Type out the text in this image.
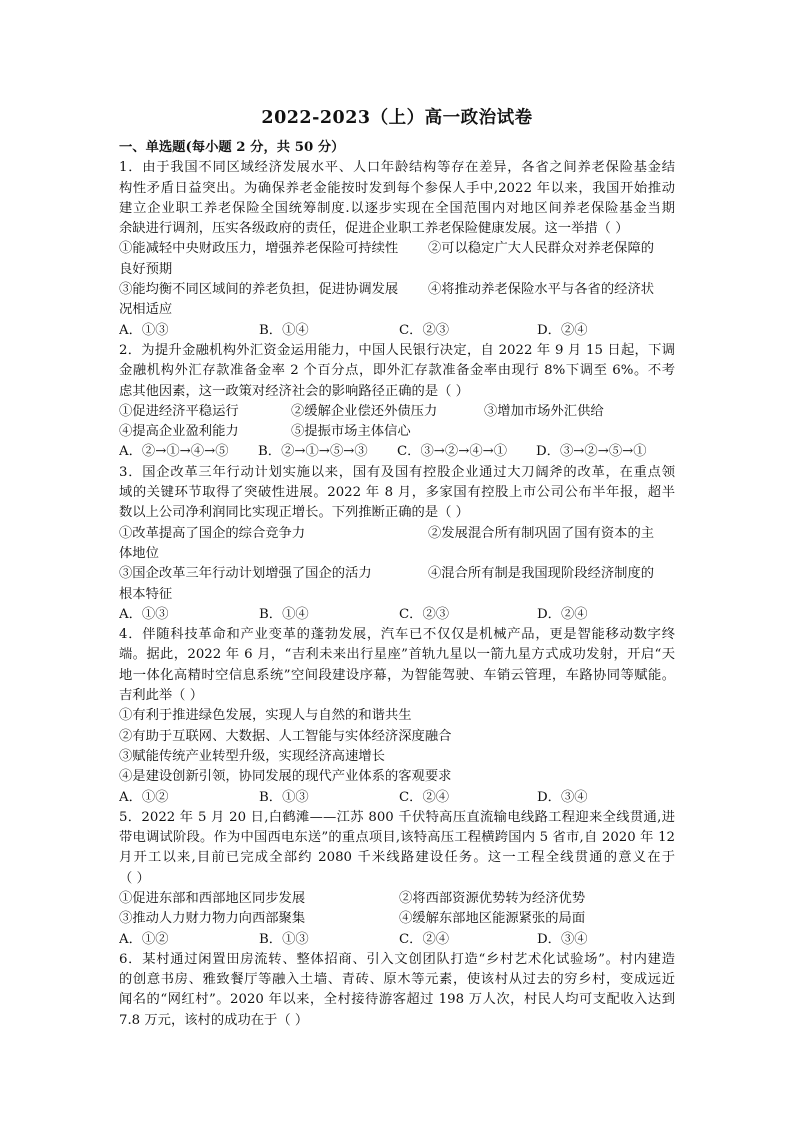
2022-2023（上）高一政治试卷
一、单选题(每小题 2 分，共 50 分）
1．由于我国不同区域经济发展水平、人口年龄结构等存在差异，各省之间养老保险基金结
构性矛盾日益突出。为确保养老金能按时发到每个参保人手中,2022 年以来，我国开始推动
建立企业职工养老保险全国统筹制度.以逐步实现在全国范围内对地区间养老保险基金当期
余缺进行调剂，压实各级政府的责任，促进企业职工养老保险健康发展。这一举措（ ）
①能减轻中央财政压力，增强养老保险可持续性 ②可以稳定广大人民群众对养老保障的
良好预期
③能均衡不同区域间的养老负担，促进协调发展 ④将推动养老保险水平与各省的经济状
况相适应
A．①③	B．①④	C．②③	D．②④
2．为提升金融机构外汇资金运用能力，中国人民银行决定，自 2022 年 9 月 15 日起，下调
金融机构外汇存款准备金率 2 个百分点，即外汇存款准备金率由现行 8%下调至 6%。不考
虑其他因素，这一政策对经济社会的影响路径正确的是（ ）
①促进经济平稳运行	②缓解企业偿还外债压力	③增加市场外汇供给
④提高企业盈利能力	⑤提振市场主体信心
A．②→①→④→⑤ B．②→①→⑤→③ C．③→②→④→① D．③→②→⑤→①
3．国企改革三年行动计划实施以来，国有及国有控股企业通过大刀阔斧的改革，在重点领
域的关键环节取得了突破性进展。2022 年 8 月，多家国有控股上市公司公布半年报，超半
数以上公司净利润同比实现正增长。下列推断正确的是（ ）
①改革提高了国企的综合竞争力	②发展混合所有制巩固了国有资本的主
体地位
③国企改革三年行动计划增强了国企的活力	④混合所有制是我国现阶段经济制度的
根本特征
A．①③	B．①④	C．②③	D．②④
4．伴随科技革命和产业变革的蓬勃发展，汽车已不仅仅是机械产品，更是智能移动数字终
端。据此，2022 年 6 月，“吉利未来出行星座”首轨九星以一箭九星方式成功发射，开启“天
地一体化高精时空信息系统”空间段建设序幕，为智能驾驶、车销云管理，车路协同等赋能。
吉利此举（ ）
①有利于推进绿色发展，实现人与自然的和谐共生
②有助于互联网、大数据、人工智能与实体经济深度融合
③赋能传统产业转型升级，实现经济高速增长
④是建设创新引领，协同发展的现代产业体系的客观要求
A．①②	B．①③	C．②④	D．③④
5．2022 年 5 月 20 日,白鹤滩——江苏 800 千伏特高压直流输电线路工程迎来全线贯通,进
带电调试阶段。作为中国西电东送”的重点项目,该特高压工程横跨国内 5 省市,自 2020 年 12
月开工以来,目前已完成全部约 2080 千米线路建设任务。这一工程全线贯通的意义在于
（ ）
①促进东部和西部地区同步发展	②将西部资源优势转为经济优势
③推动人力财力物力向西部聚集	④缓解东部地区能源紧张的局面
A．①②	B．①③	C．②④	D．③④
6．某村通过闲置田房流转、整体招商、引入文创团队打造“乡村艺术化试验场”。村内建造
的创意书房、雅致餐厅等融入土墙、青砖、原木等元素，使该村从过去的穷乡村，变成远近
闻名的“网红村”。2020 年以来，全村接待游客超过 198 万人次，村民人均可支配收入达到
7.8 万元，该村的成功在于（ ）
